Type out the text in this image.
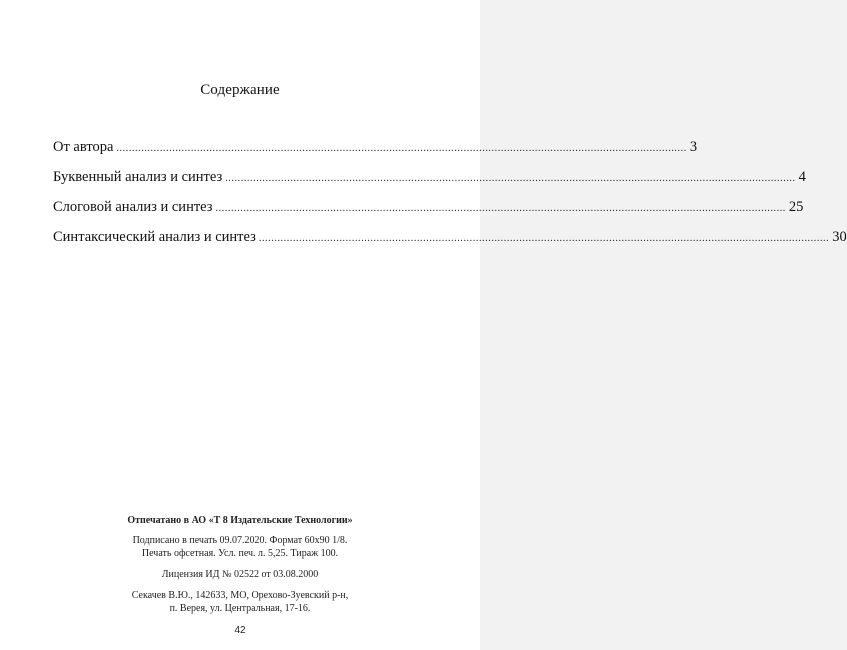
Содержание
От автора ........................................................................................................................................................................................ 3
Буквенный анализ и синтез ........................................................................................................................................................................................ 4
Слоговой анализ и синтез ........................................................................................................................................................................................ 25
Синтаксический анализ и синтез ........................................................................................................................................................................................ 30
Отпечатано в АО «Т 8 Издательские Технологии»
Подписано в печать 09.07.2020. Формат 60х90 1/8.
Печать офсетная. Усл. печ. л. 5,25. Тираж 100.
Лицензия ИД № 02522 от 03.08.2000
Секачев В.Ю., 142633, МО, Орехово-Зуевский р-н,
п. Верея, ул. Центральная, 17-16.
42
